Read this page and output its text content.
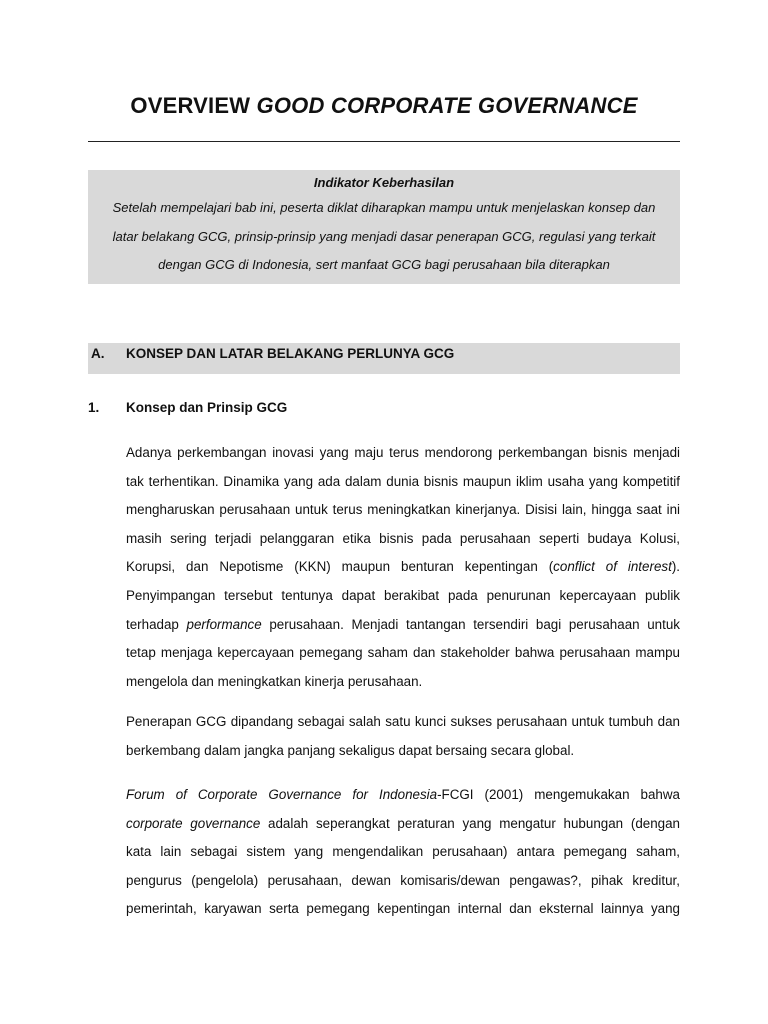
OVERVIEW GOOD CORPORATE GOVERNANCE
Indikator Keberhasilan
Setelah mempelajari bab ini, peserta diklat diharapkan mampu untuk menjelaskan konsep dan
latar belakang GCG, prinsip-prinsip yang menjadi dasar penerapan GCG, regulasi yang terkait
dengan GCG di Indonesia, sert manfaat GCG bagi perusahaan bila diterapkan
A. KONSEP DAN LATAR BELAKANG PERLUNYA GCG
1. Konsep dan Prinsip GCG
Adanya perkembangan inovasi yang maju terus mendorong perkembangan bisnis menjadi
tak terhentikan. Dinamika yang ada dalam dunia bisnis maupun iklim usaha yang kompetitif
mengharuskan perusahaan untuk terus meningkatkan kinerjanya. Disisi lain, hingga saat ini
masih sering terjadi pelanggaran etika bisnis pada perusahaan seperti budaya Kolusi,
Korupsi, dan Nepotisme (KKN) maupun benturan kepentingan (conflict of interest).
Penyimpangan tersebut tentunya dapat berakibat pada penurunan kepercayaan publik
terhadap performance perusahaan. Menjadi tantangan tersendiri bagi perusahaan untuk
tetap menjaga kepercayaan pemegang saham dan stakeholder bahwa perusahaan mampu
mengelola dan meningkatkan kinerja perusahaan.
Penerapan GCG dipandang sebagai salah satu kunci sukses perusahaan untuk tumbuh dan
berkembang dalam jangka panjang sekaligus dapat bersaing secara global.
Forum of Corporate Governance for Indonesia-FCGI (2001) mengemukakan bahwa
corporate governance adalah seperangkat peraturan yang mengatur hubungan (dengan
kata lain sebagai sistem yang mengendalikan perusahaan) antara pemegang saham,
pengurus (pengelola) perusahaan, dewan komisaris/dewan pengawas?, pihak kreditur,
pemerintah, karyawan serta pemegang kepentingan internal dan eksternal lainnya yang
